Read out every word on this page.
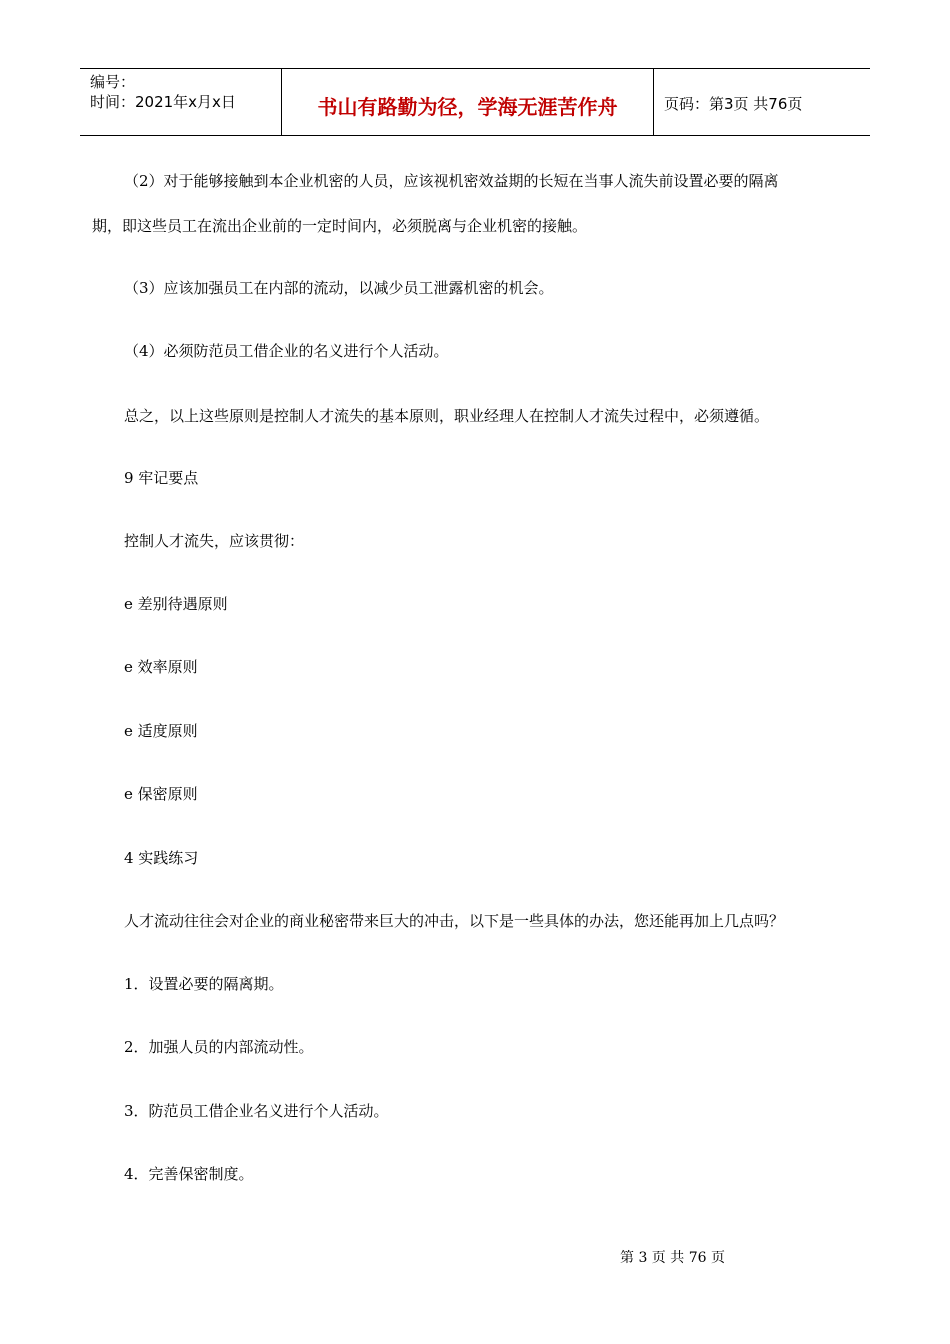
编号：
时间：2021年x月x日	书山有路勤为径，学海无涯苦作舟	页码：第3页 共76页
（2）对于能够接触到本企业机密的人员，应该视机密效益期的长短在当事人流失前设置必要的隔离
期，即这些员工在流出企业前的一定时间内，必须脱离与企业机密的接触。
（3）应该加强员工在内部的流动，以减少员工泄露机密的机会。
（4）必须防范员工借企业的名义进行个人活动。
总之，以上这些原则是控制人才流失的基本原则，职业经理人在控制人才流失过程中，必须遵循。
9 牢记要点
控制人才流失，应该贯彻：
e 差别待遇原则
e 效率原则
e 适度原则
e 保密原则
4 实践练习
人才流动往往会对企业的商业秘密带来巨大的冲击，以下是一些具体的办法，您还能再加上几点吗？
1．设置必要的隔离期。
2．加强人员的内部流动性。
3．防范员工借企业名义进行个人活动。
4．完善保密制度。
第 3 页 共 76 页
